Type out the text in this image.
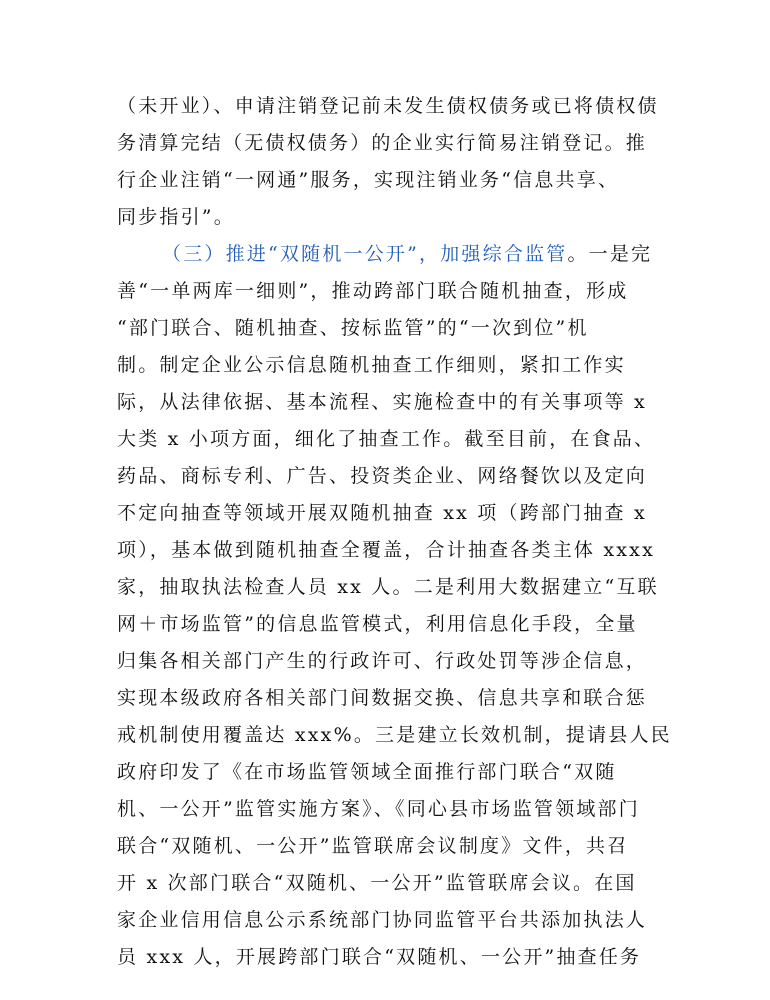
（未开业）、申请注销登记前未发生债权债务或已将债权债
务清算完结（无债权债务）的企业实行简易注销登记。推
行企业注销“一网通”服务，实现注销业务“信息共享、
同步指引”。
（三）推进“双随机一公开”，加强综合监管。一是完
善“一单两库一细则”，推动跨部门联合随机抽查，形成
“部门联合、随机抽查、按标监管”的“一次到位”机
制。制定企业公示信息随机抽查工作细则，紧扣工作实
际，从法律依据、基本流程、实施检查中的有关事项等 x
大类 x 小项方面，细化了抽查工作。截至目前，在食品、
药品、商标专利、广告、投资类企业、网络餐饮以及定向
不定向抽查等领域开展双随机抽查 xx 项（跨部门抽查 x
项），基本做到随机抽查全覆盖，合计抽查各类主体 xxxx
家，抽取执法检查人员 xx 人。二是利用大数据建立“互联
网＋市场监管”的信息监管模式，利用信息化手段，全量
归集各相关部门产生的行政许可、行政处罚等涉企信息，
实现本级政府各相关部门间数据交换、信息共享和联合惩
戒机制使用覆盖达 xxx%。三是建立长效机制，提请县人民
政府印发了《在市场监管领域全面推行部门联合“双随
机、一公开”监管实施方案》、《同心县市场监管领域部门
联合“双随机、一公开”监管联席会议制度》文件，共召
开 x 次部门联合“双随机、一公开”监管联席会议。在国
家企业信用信息公示系统部门协同监管平台共添加执法人
员 xxx 人，开展跨部门联合“双随机、一公开”抽查任务
